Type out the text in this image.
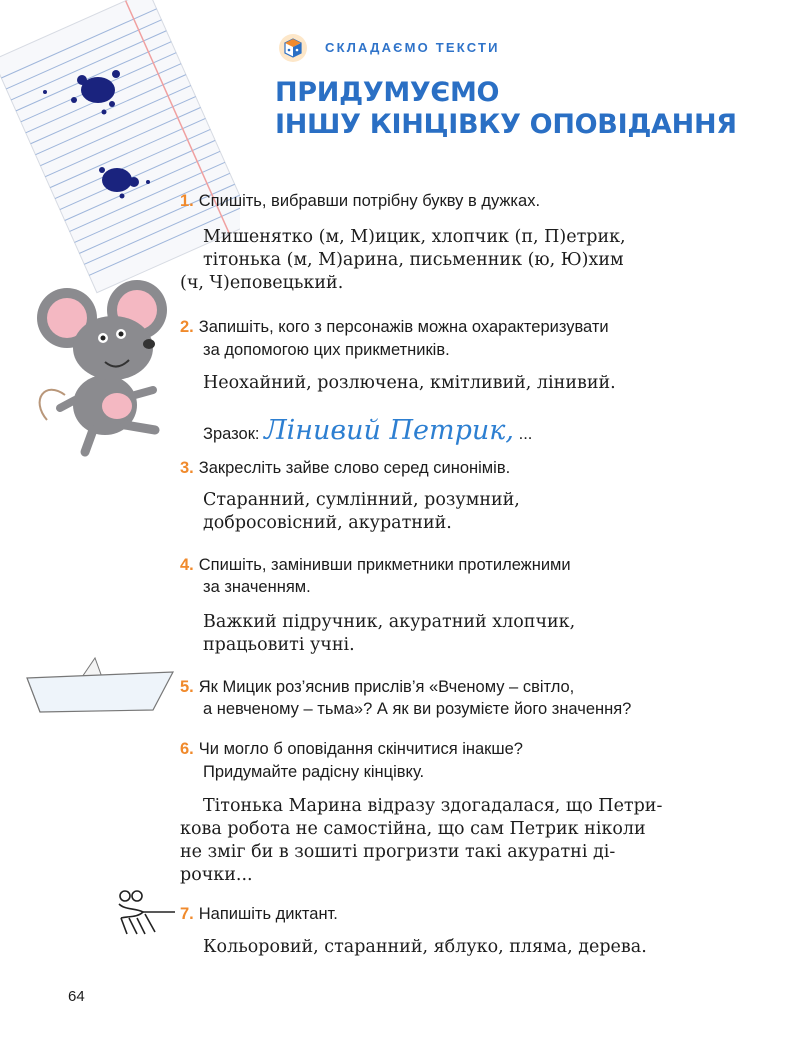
СКЛАДАЄМО ТЕКСТИ
ПРИДУМУЄМО
ІНШУ КІНЦІВКУ ОПОВІДАННЯ
1. Спишіть, вибравши потрібну букву в дужках.
Мишенятко (м, М)ицик, хлопчик (п, П)етрик,
тітонька (м, М)арина, письменник (ю, Ю)хим
(ч, Ч)еповецький.
2. Запишіть, кого з персонажів можна охарактеризувати
за допомогою цих прикметників.
Неохайний, розлючена, кмітливий, лінивий.
Зразок: Лінивий Петрик, ...
3. Закресліть зайве слово серед синонімів.
Старанний, сумлінний, розумний,
добросовісний, акуратний.
4. Спишіть, замінивши прикметники протилежними
за значенням.
Важкий підручник, акуратний хлопчик,
працьовиті учні.
5. Як Мицик роз’яснив прислів’я «Вченому – світло,
а невченому – тьма»? А як ви розумієте його значення?
6. Чи могло б оповідання скінчитися інакше?
Придумайте радісну кінцівку.
Тітонька Марина відразу здогадалася, що Петри-
кова робота не самостійна, що сам Петрик ніколи
не зміг би в зошиті прогризти такі акуратні ді-
рочки...
7. Напишіть диктант.
Кольоровий, старанний, яблуко, пляма, дерева.
64
